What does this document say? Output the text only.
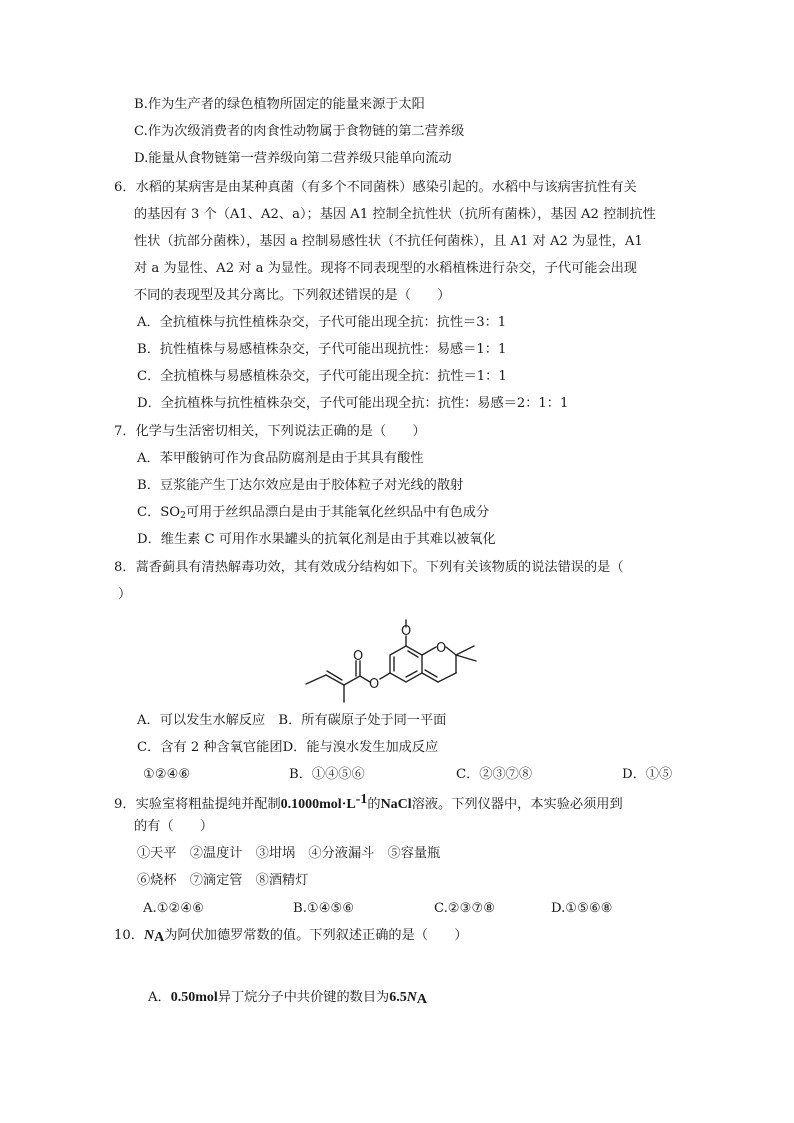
B.作为生产者的绿色植物所固定的能量来源于太阳
C.作为次级消费者的肉食性动物属于食物链的第二营养级
D.能量从食物链第一营养级向第二营养级只能单向流动
6．水稻的某病害是由某种真菌（有多个不同菌株）感染引起的。水稻中与该病害抗性有关
的基因有 3 个（A1、A2、a）；基因 A1 控制全抗性状（抗所有菌株），基因 A2 控制抗性
性状（抗部分菌株），基因 a 控制易感性状（不抗任何菌株），且 A1 对 A2 为显性，A1
对 a 为显性、A2 对 a 为显性。现将不同表现型的水稻植株进行杂交，子代可能会出现
不同的表现型及其分离比。下列叙述错误的是（　　）
A．全抗植株与抗性植株杂交，子代可能出现全抗：抗性＝3：1
B．抗性植株与易感植株杂交，子代可能出现抗性：易感＝1：1
C．全抗植株与易感植株杂交，子代可能出现全抗：抗性＝1：1
D．全抗植株与抗性植株杂交，子代可能出现全抗：抗性：易感＝2：1：1
7．化学与生活密切相关，下列说法正确的是（　　）
A．苯甲酸钠可作为食品防腐剂是由于其具有酸性
B．豆浆能产生丁达尔效应是由于胶体粒子对光线的散射
C．$SO_2$可用于丝织品漂白是由于其能氧化丝织品中有色成分
D．维生素 C 可用作水果罐头的抗氧化剂是由于其难以被氧化
8．蒿香蓟具有清热解毒功效，其有效成分结构如下。下列有关该物质的说法错误的是（
）
O
O
O
O
A．可以发生水解反应　 B．所有碳原子处于同一平面
C．含有 2 种含氧官能团D．能与溴水发生加成反应
①②④⑥	B．①④⑤⑥	C．②③⑦⑧	D．①⑤
9．实验室将粗盐提纯并配制$0.1000mol\cdot L^{-1}$的NaCl溶液。下列仪器中，本实验必须用到
的有（　　）
①天平　②温度计　③坩埚　④分液漏斗　⑤容量瓶
⑥烧杯　⑦滴定管　⑧酒精灯
A.①②④⑥	B.①④⑤⑥	C.②③⑦⑧	D.①⑤⑥⑧
10．$N_A$为阿伏加德罗常数的值。下列叙述正确的是（　　）
A．0.50mol异丁烷分子中共价键的数目为$6.5N_A$
